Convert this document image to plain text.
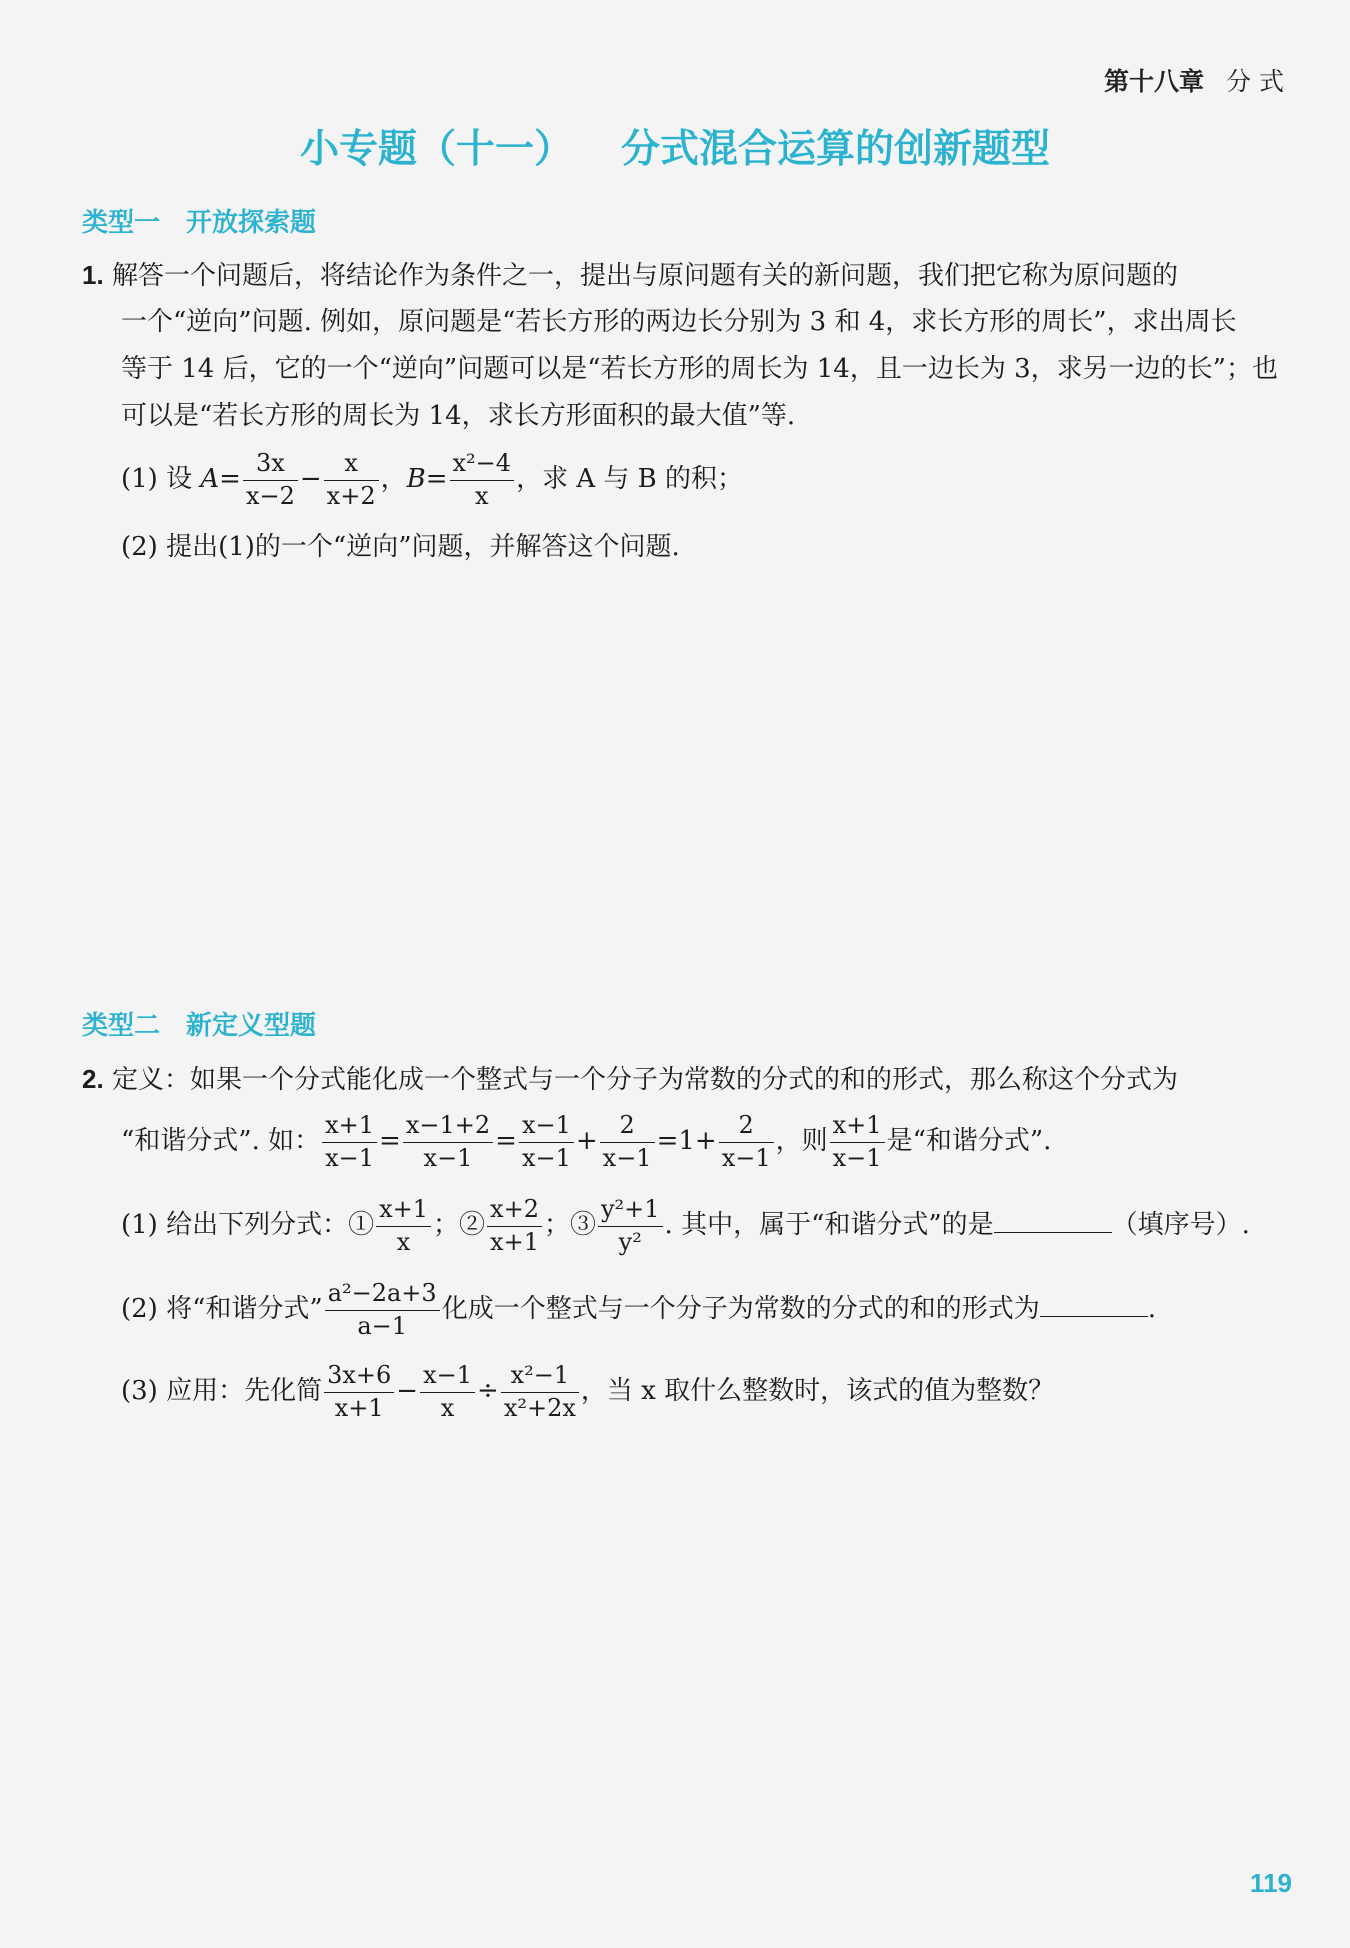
第十八章 分 式
小专题（十一） 分式混合运算的创新题型
类型一 开放探索题
1. 解答一个问题后，将结论作为条件之一，提出与原问题有关的新问题，我们把它称为原问题的
一个“逆向”问题. 例如，原问题是“若长方形的两边长分别为 3 和 4，求长方形的周长”，求出周长
等于 14 后，它的一个“逆向”问题可以是“若长方形的周长为 14，且一边长为 3，求另一边的长”；也
可以是“若长方形的周长为 14，求长方形面积的最大值”等.
(1) 设 $A= \frac{3x}{x-2} - \frac{x}{x+2}$ ，$B= \frac{\text{x²−4}}{x}$ ，求 A 与 B 的积；
(2) 提出(1)的一个“逆向”问题，并解答这个问题.
类型二 新定义型题
2. 定义：如果一个分式能化成一个整式与一个分子为常数的分式的和的形式，那么称这个分式为
“和谐分式”. 如： $\frac{x+1}{x-1} = \frac{x-1+2}{x-1} = \frac{x-1}{x-1} + \frac{2}{x-1} =1+ \frac{2}{x-1}$ ，则 $\frac{x+1}{x-1}$ 是“和谐分式”.
(1) 给出下列分式：① $\frac{x+1}{x}$ ；② $\frac{x+2}{x+1}$ ；③ $\frac{\text{y²+1}}{\text{y²}}$ . 其中，属于“和谐分式”的是	（填序号）.
(2) 将“和谐分式” $\frac{\text{a²−2a+3}}{a-1}$ 化成一个整式与一个分子为常数的分式的和的形式为	.
(3) 应用：先化简 $\frac{3x+6}{x+1} - \frac{x-1}{x} \div \frac{\text{x²−1}}{\text{x²+2x}}$ ，当 x 取什么整数时，该式的值为整数？
119
